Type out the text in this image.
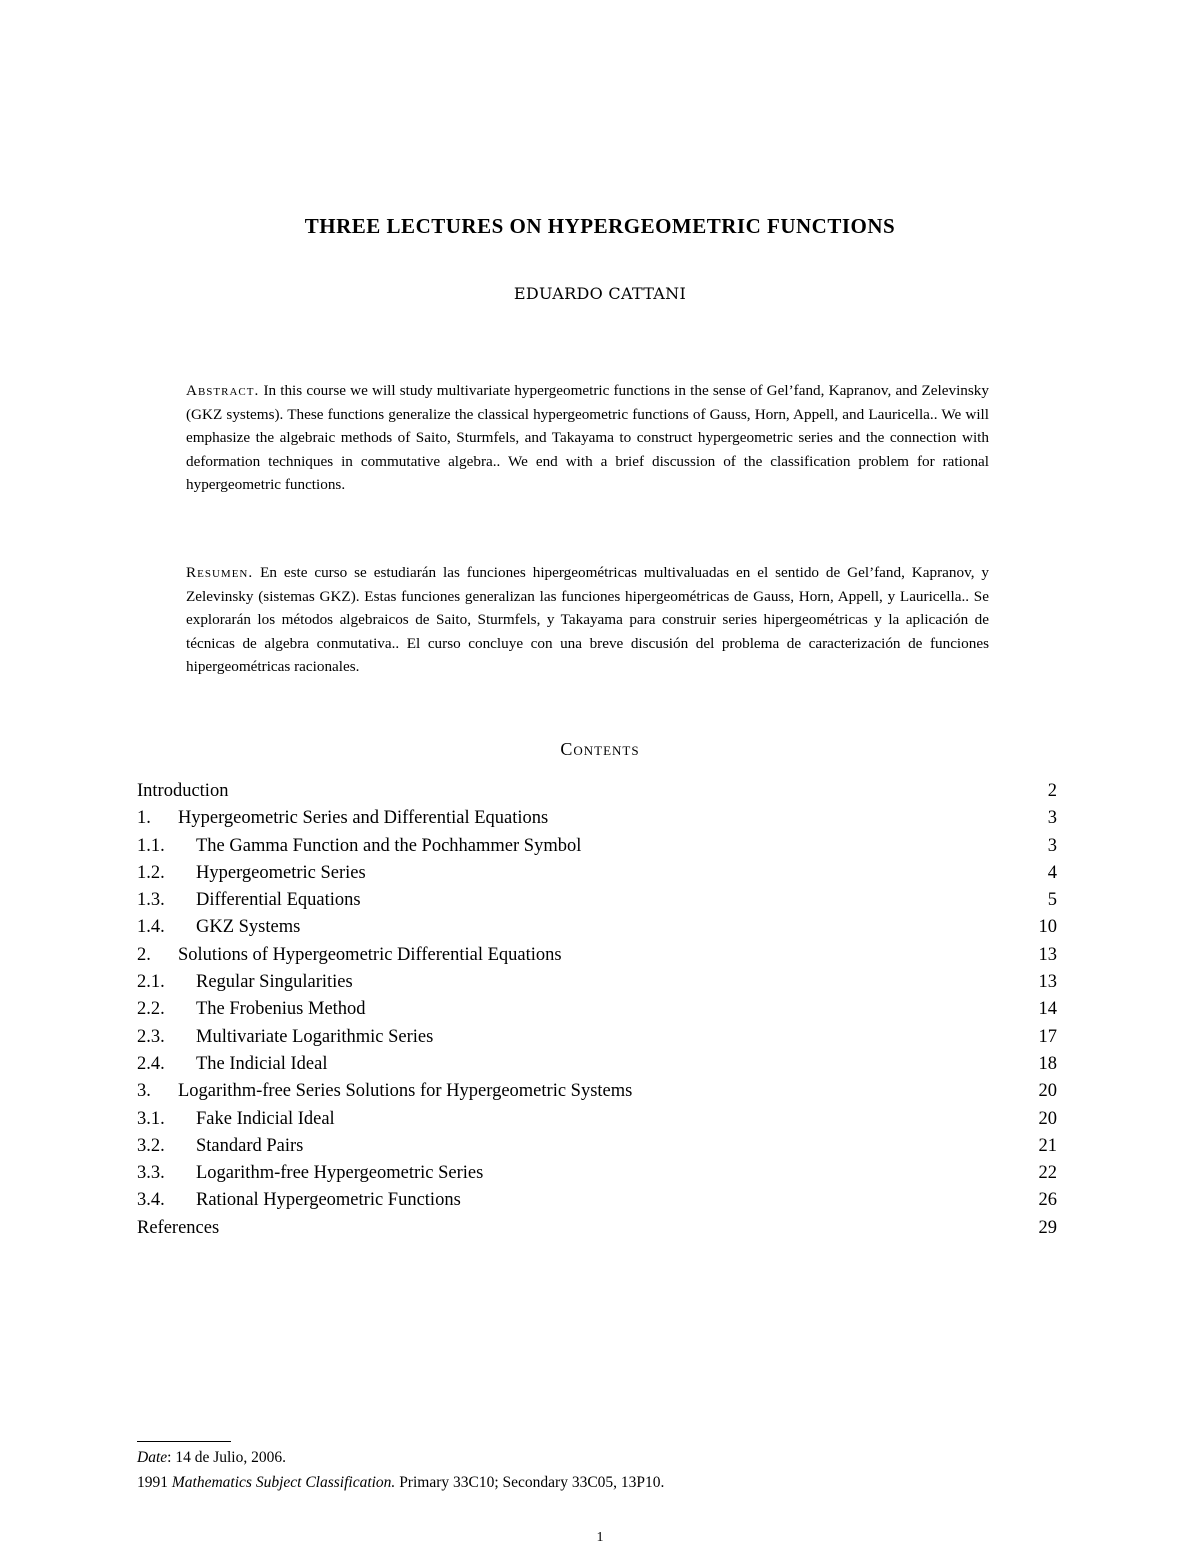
THREE LECTURES ON HYPERGEOMETRIC FUNCTIONS
EDUARDO CATTANI
Abstract. In this course we will study multivariate hypergeometric functions in the sense of Gel’fand, Kapranov, and Zelevinsky (GKZ systems). These functions generalize the classical hypergeometric functions of Gauss, Horn, Appell, and Lauricella.. We will emphasize the algebraic methods of Saito, Sturmfels, and Takayama to construct hypergeometric series and the connection with deformation techniques in commutative algebra.. We end with a brief discussion of the classification problem for rational hypergeometric functions.
Resumen. En este curso se estudiarán las funciones hipergeométricas multivaluadas en el sentido de Gel’fand, Kapranov, y Zelevinsky (sistemas GKZ). Estas funciones generalizan las funciones hipergeométricas de Gauss, Horn, Appell, y Lauricella.. Se explorarán los métodos algebraicos de Saito, Sturmfels, y Takayama para construir series hipergeométricas y la aplicación de técnicas de algebra conmutativa.. El curso concluye con una breve discusión del problema de caracterización de funciones hipergeométricas racionales.
Contents
Introduction	2
1. Hypergeometric Series and Differential Equations	3
1.1. The Gamma Function and the Pochhammer Symbol	3
1.2. Hypergeometric Series	4
1.3. Differential Equations	5
1.4. GKZ Systems	10
2. Solutions of Hypergeometric Differential Equations	13
2.1. Regular Singularities	13
2.2. The Frobenius Method	14
2.3. Multivariate Logarithmic Series	17
2.4. The Indicial Ideal	18
3. Logarithm-free Series Solutions for Hypergeometric Systems	20
3.1. Fake Indicial Ideal	20
3.2. Standard Pairs	21
3.3. Logarithm-free Hypergeometric Series	22
3.4. Rational Hypergeometric Functions	26
References	29
Date: 14 de Julio, 2006.
1991 Mathematics Subject Classification. Primary 33C10; Secondary 33C05, 13P10.
1
